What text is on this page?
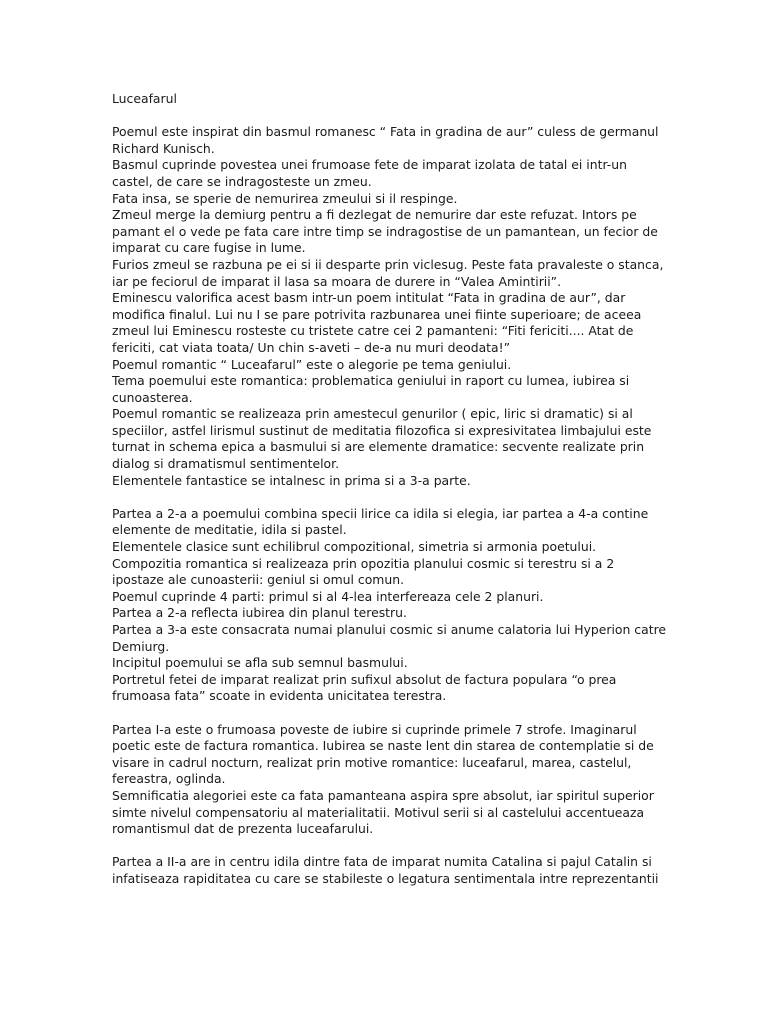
Luceafarul
Poemul este inspirat din basmul romanesc “ Fata in gradina de aur” culess de germanul
Richard Kunisch.
Basmul cuprinde povestea unei frumoase fete de imparat izolata de tatal ei intr-un
castel, de care se indragosteste un zmeu.
Fata insa, se sperie de nemurirea zmeului si il respinge.
Zmeul merge la demiurg pentru a fi dezlegat de nemurire dar este refuzat. Intors pe
pamant el o vede pe fata care intre timp se indragostise de un pamantean, un fecior de
imparat cu care fugise in lume.
Furios zmeul se razbuna pe ei si ii desparte prin viclesug. Peste fata pravaleste o stanca,
iar pe feciorul de imparat il lasa sa moara de durere in “Valea Amintirii”.
Eminescu valorifica acest basm intr-un poem intitulat “Fata in gradina de aur”, dar
modifica finalul. Lui nu I se pare potrivita razbunarea unei fiinte superioare; de aceea
zmeul lui Eminescu rosteste cu tristete catre cei 2 pamanteni: “Fiti fericiti.... Atat de
fericiti, cat viata toata/ Un chin s-aveti – de-a nu muri deodata!”
Poemul romantic “ Luceafarul” este o alegorie pe tema geniului.
Tema poemului este romantica: problematica geniului in raport cu lumea, iubirea si
cunoasterea.
Poemul romantic se realizeaza prin amestecul genurilor ( epic, liric si dramatic) si al
speciilor, astfel lirismul sustinut de meditatia filozofica si expresivitatea limbajului este
turnat in schema epica a basmului si are elemente dramatice: secvente realizate prin
dialog si dramatismul sentimentelor.
Elementele fantastice se intalnesc in prima si a 3-a parte.
Partea a 2-a a poemului combina specii lirice ca idila si elegia, iar partea a 4-a contine
elemente de meditatie, idila si pastel.
Elementele clasice sunt echilibrul compozitional, simetria si armonia poetului.
Compozitia romantica si realizeaza prin opozitia planului cosmic si terestru si a 2
ipostaze ale cunoasterii: geniul si omul comun.
Poemul cuprinde 4 parti: primul si al 4-lea interfereaza cele 2 planuri.
Partea a 2-a reflecta iubirea din planul terestru.
Partea a 3-a este consacrata numai planului cosmic si anume calatoria lui Hyperion catre
Demiurg.
Incipitul poemului se afla sub semnul basmului.
Portretul fetei de imparat realizat prin sufixul absolut de factura populara “o prea
frumoasa fata” scoate in evidenta unicitatea terestra.
Partea I-a este o frumoasa poveste de iubire si cuprinde primele 7 strofe. Imaginarul
poetic este de factura romantica. Iubirea se naste lent din starea de contemplatie si de
visare in cadrul nocturn, realizat prin motive romantice: luceafarul, marea, castelul,
fereastra, oglinda.
Semnificatia alegoriei este ca fata pamanteana aspira spre absolut, iar spiritul superior
simte nivelul compensatoriu al materialitatii. Motivul serii si al castelului accentueaza
romantismul dat de prezenta luceafarului.
Partea a II-a are in centru idila dintre fata de imparat numita Catalina si pajul Catalin si
infatiseaza rapiditatea cu care se stabileste o legatura sentimentala intre reprezentantii
